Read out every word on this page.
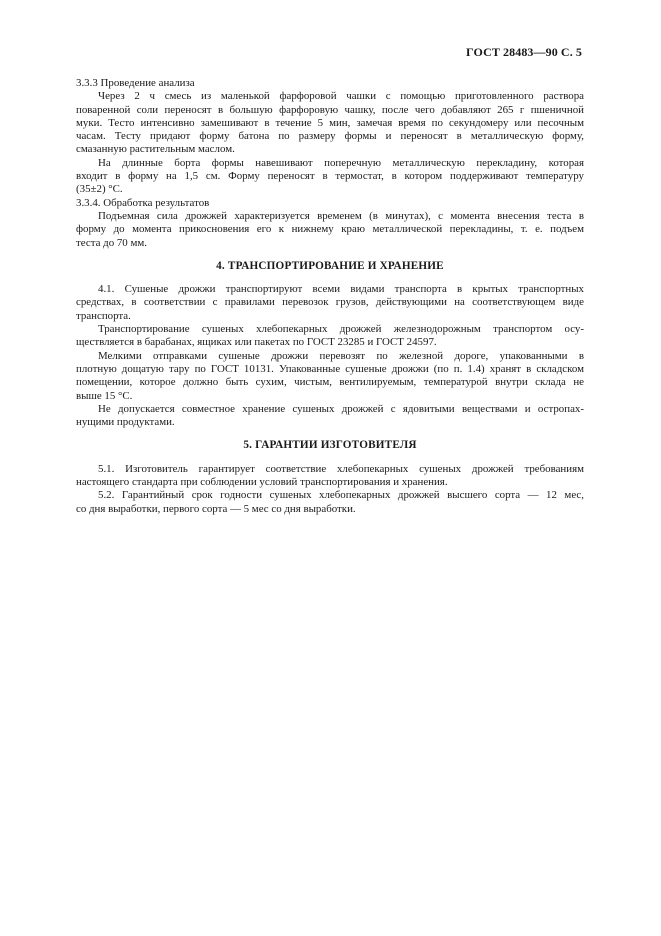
ГОСТ 28483—90 С. 5
3.3.3 Проведение анализа
Через 2 ч смесь из маленькой фарфоровой чашки с помощью приготовленного раствора
поваренной соли переносят в большую фарфоровую чашку, после чего добавляют 265 г пшеничной
муки. Тесто интенсивно замешивают в течение 5 мин, замечая время по секундомеру или песочным
часам. Тесту придают форму батона по размеру формы и переносят в металлическую форму,
смазанную растительным маслом.
На длинные борта формы навешивают поперечную металлическую перекладину, которая
входит в форму на 1,5 см. Форму переносят в термостат, в котором поддерживают температуру
(35±2) °С.
3.3.4. Обработка результатов
Подъемная сила дрожжей характеризуется временем (в минутах), с момента внесения теста в
форму до момента прикосновения его к нижнему краю металлической перекладины, т. е. подъем
теста до 70 мм.
4. ТРАНСПОРТИРОВАНИЕ И ХРАНЕНИЕ
4.1. Сушеные дрожжи транспортируют всеми видами транспорта в крытых транспортных
средствах, в соответствии с правилами перевозок грузов, действующими на соответствующем виде
транспорта.
Транспортирование сушеных хлебопекарных дрожжей железнодорожным транспортом осу-
ществляется в барабанах, ящиках или пакетах по ГОСТ 23285 и ГОСТ 24597.
Мелкими отправками сушеные дрожжи перевозят по железной дороге, упакованными в
плотную дощатую тару по ГОСТ 10131. Упакованные сушеные дрожжи (по п. 1.4) хранят в складском
помещении, которое должно быть сухим, чистым, вентилируемым, температурой внутри склада не
выше 15 °С.
Не допускается совместное хранение сушеных дрожжей с ядовитыми веществами и остропах-
нущими продуктами.
5. ГАРАНТИИ ИЗГОТОВИТЕЛЯ
5.1. Изготовитель гарантирует соответствие хлебопекарных сушеных дрожжей требованиям
настоящего стандарта при соблюдении условий транспортирования и хранения.
5.2. Гарантийный срок годности сушеных хлебопекарных дрожжей высшего сорта — 12 мес,
со дня выработки, первого сорта — 5 мес со дня выработки.
